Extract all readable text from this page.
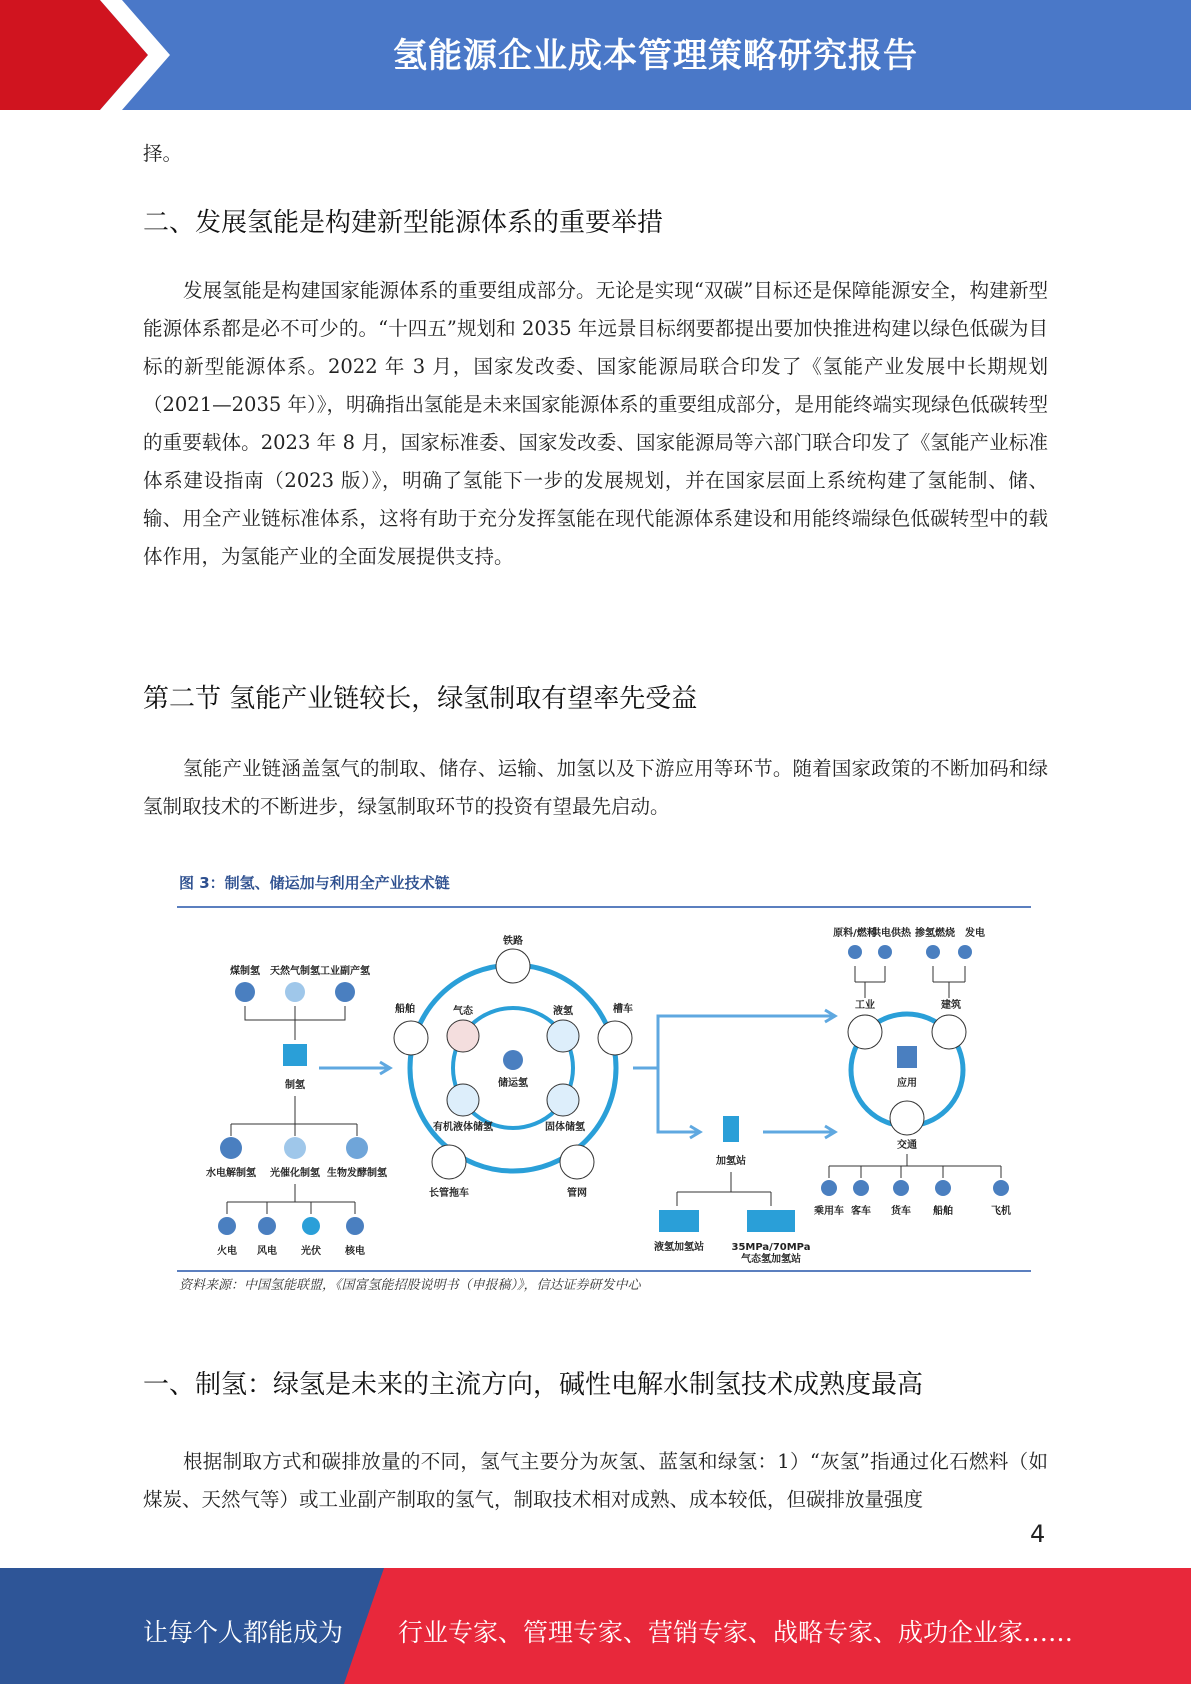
氢能源企业成本管理策略研究报告

择。

二、发展氢能是构建新型能源体系的重要举措

发展氢能是构建国家能源体系的重要组成部分。无论是实现“双碳”目标还是保障能源安全，构建新型能源体系都是必不可少的。“十四五”规划和 2035 年远景目标纲要都提出要加快推进构建以绿色低碳为目标的新型能源体系。2022 年 3 月，国家发改委、国家能源局联合印发了《氢能产业发展中长期规划（2021—2035 年）》，明确指出氢能是未来国家能源体系的重要组成部分，是用能终端实现绿色低碳转型的重要载体。2023 年 8 月，国家标准委、国家发改委、国家能源局等六部门联合印发了《氢能产业标准体系建设指南（2023 版）》，明确了氢能下一步的发展规划，并在国家层面上系统构建了氢能制、储、输、用全产业链标准体系，这将有助于充分发挥氢能在现代能源体系建设和用能终端绿色低碳转型中的载体作用，为氢能产业的全面发展提供支持。

第二节 氢能产业链较长，绿氢制取有望率先受益

氢能产业链涵盖氢气的制取、储存、运输、加氢以及下游应用等环节。随着国家政策的不断加码和绿氢制取技术的不断进步，绿氢制取环节的投资有望最先启动。

图 3：制氢、储运加与利用全产业技术链
煤制氢 天然气制氢 工业副产氢
制氢
水电解制氢 光催化制氢 生物发酵制氢
火电 风电 光伏 核电
储运氢
铁路
船舶	槽车
长管拖车	管网
气态	液氢
有机液体储氢	固体储氢
加氢站
液氢加氢站	35MPa/70MPa
气态氢加氢站
应用
工业	建筑
交通
原料/燃料
供电供热 掺氢燃烧 发电
乘用车 客车 货车 船舶	飞机
资料来源：中国氢能联盟，《国富氢能招股说明书（申报稿）》，信达证券研发中心
一、制氢：绿氢是未来的主流方向，碱性电解水制氢技术成熟度最高

根据制取方式和碳排放量的不同，氢气主要分为灰氢、蓝氢和绿氢：1）“灰氢”指通过化石燃料（如煤炭、天然气等）或工业副产制取的氢气，制取技术相对成熟、成本较低，但碳排放量强度

4
让每个人都能成为 行业专家、管理专家、营销专家、战略专家、成功企业家……
